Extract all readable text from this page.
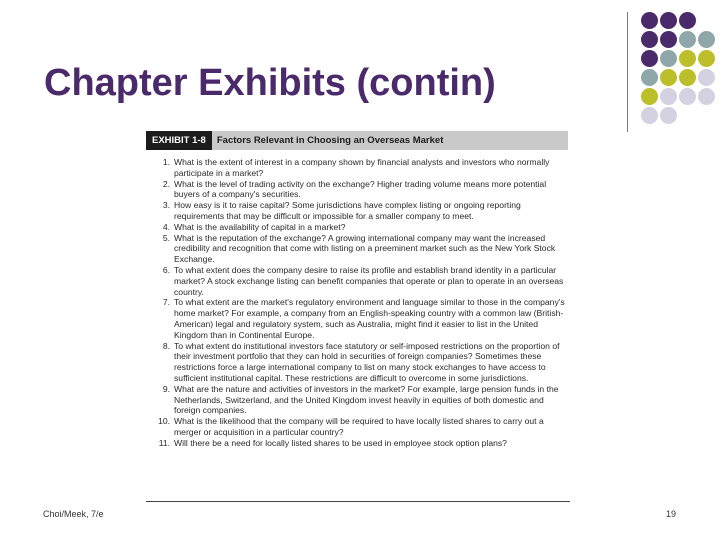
Chapter Exhibits (contin)
EXHIBIT 1-8	Factors Relevant in Choosing an Overseas Market
1. What is the extent of interest in a company shown by financial analysts and investors who normally participate in a market?
2. What is the level of trading activity on the exchange? Higher trading volume means more potential buyers of a company's securities.
3. How easy is it to raise capital? Some jurisdictions have complex listing or ongoing reporting requirements that may be difficult or impossible for a smaller company to meet.
4. What is the availability of capital in a market?
5. What is the reputation of the exchange? A growing international company may want the increased credibility and recognition that come with listing on a preeminent market such as the New York Stock Exchange.
6. To what extent does the company desire to raise its profile and establish brand identity in a particular market? A stock exchange listing can benefit companies that operate or plan to operate in an overseas country.
7. To what extent are the market's regulatory environment and language similar to those in the company's home market? For example, a company from an English-speaking country with a common law (British-American) legal and regulatory system, such as Australia, might find it easier to list in the United Kingdom than in Continental Europe.
8. To what extent do institutional investors face statutory or self-imposed restrictions on the proportion of their investment portfolio that they can hold in securities of foreign companies? Sometimes these restrictions force a large international company to list on many stock exchanges to have access to sufficient institutional capital. These restrictions are difficult to overcome in some jurisdictions.
9. What are the nature and activities of investors in the market? For example, large pension funds in the Netherlands, Switzerland, and the United Kingdom invest heavily in equities of both domestic and foreign companies.
10. What is the likelihood that the company will be required to have locally listed shares to carry out a merger or acquisition in a particular country?
11. Will there be a need for locally listed shares to be used in employee stock option plans?
Choi/Meek, 7/e	19
